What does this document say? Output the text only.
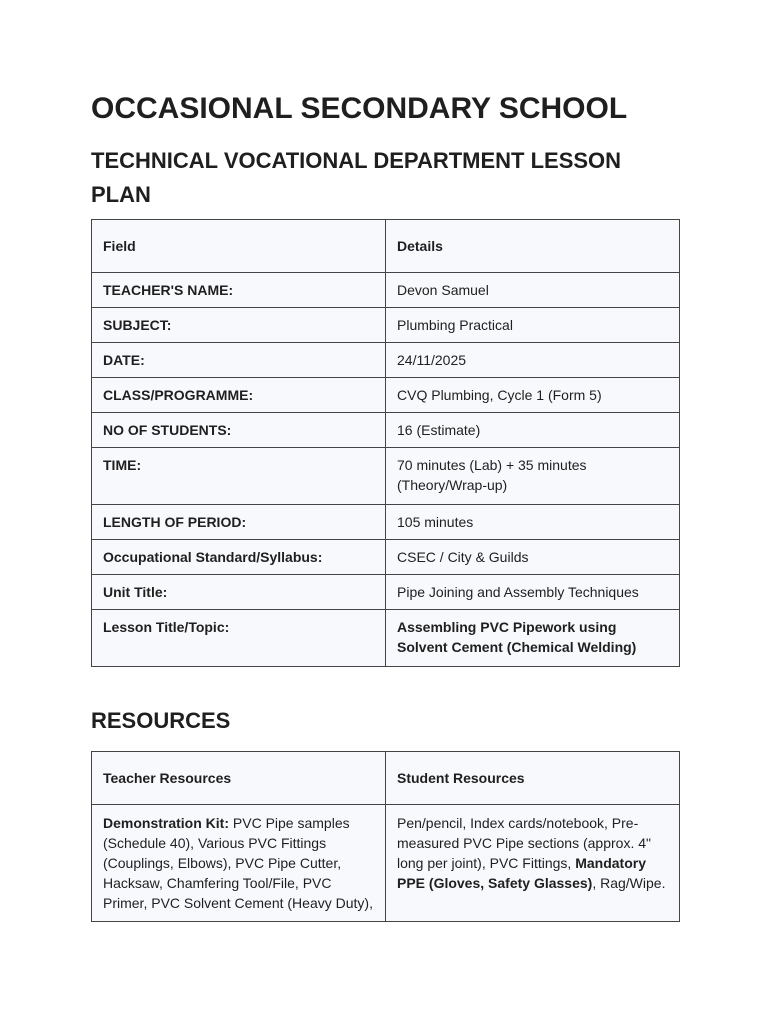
OCCASIONAL SECONDARY SCHOOL
TECHNICAL VOCATIONAL DEPARTMENT LESSON PLAN
Field	Details
TEACHER'S NAME:	Devon Samuel
SUBJECT:	Plumbing Practical
DATE:	24/11/2025
CLASS/PROGRAMME:	CVQ Plumbing, Cycle 1 (Form 5)
NO OF STUDENTS:	16 (Estimate)
TIME:	70 minutes (Lab) + 35 minutes (Theory/Wrap-up)
LENGTH OF PERIOD:	105 minutes
Occupational Standard/Syllabus:	CSEC / City & Guilds
Unit Title:	Pipe Joining and Assembly Techniques
Lesson Title/Topic:	Assembling PVC Pipework using Solvent Cement (Chemical Welding)
RESOURCES
Teacher Resources	Student Resources
Demonstration Kit: PVC Pipe samples (Schedule 40), Various PVC Fittings (Couplings, Elbows), PVC Pipe Cutter, Hacksaw, Chamfering Tool/File, PVC Primer, PVC Solvent Cement (Heavy Duty),	Pen/pencil, Index cards/notebook, Pre-measured PVC Pipe sections (approx. 4" long per joint), PVC Fittings, Mandatory PPE (Gloves, Safety Glasses), Rag/Wipe.
